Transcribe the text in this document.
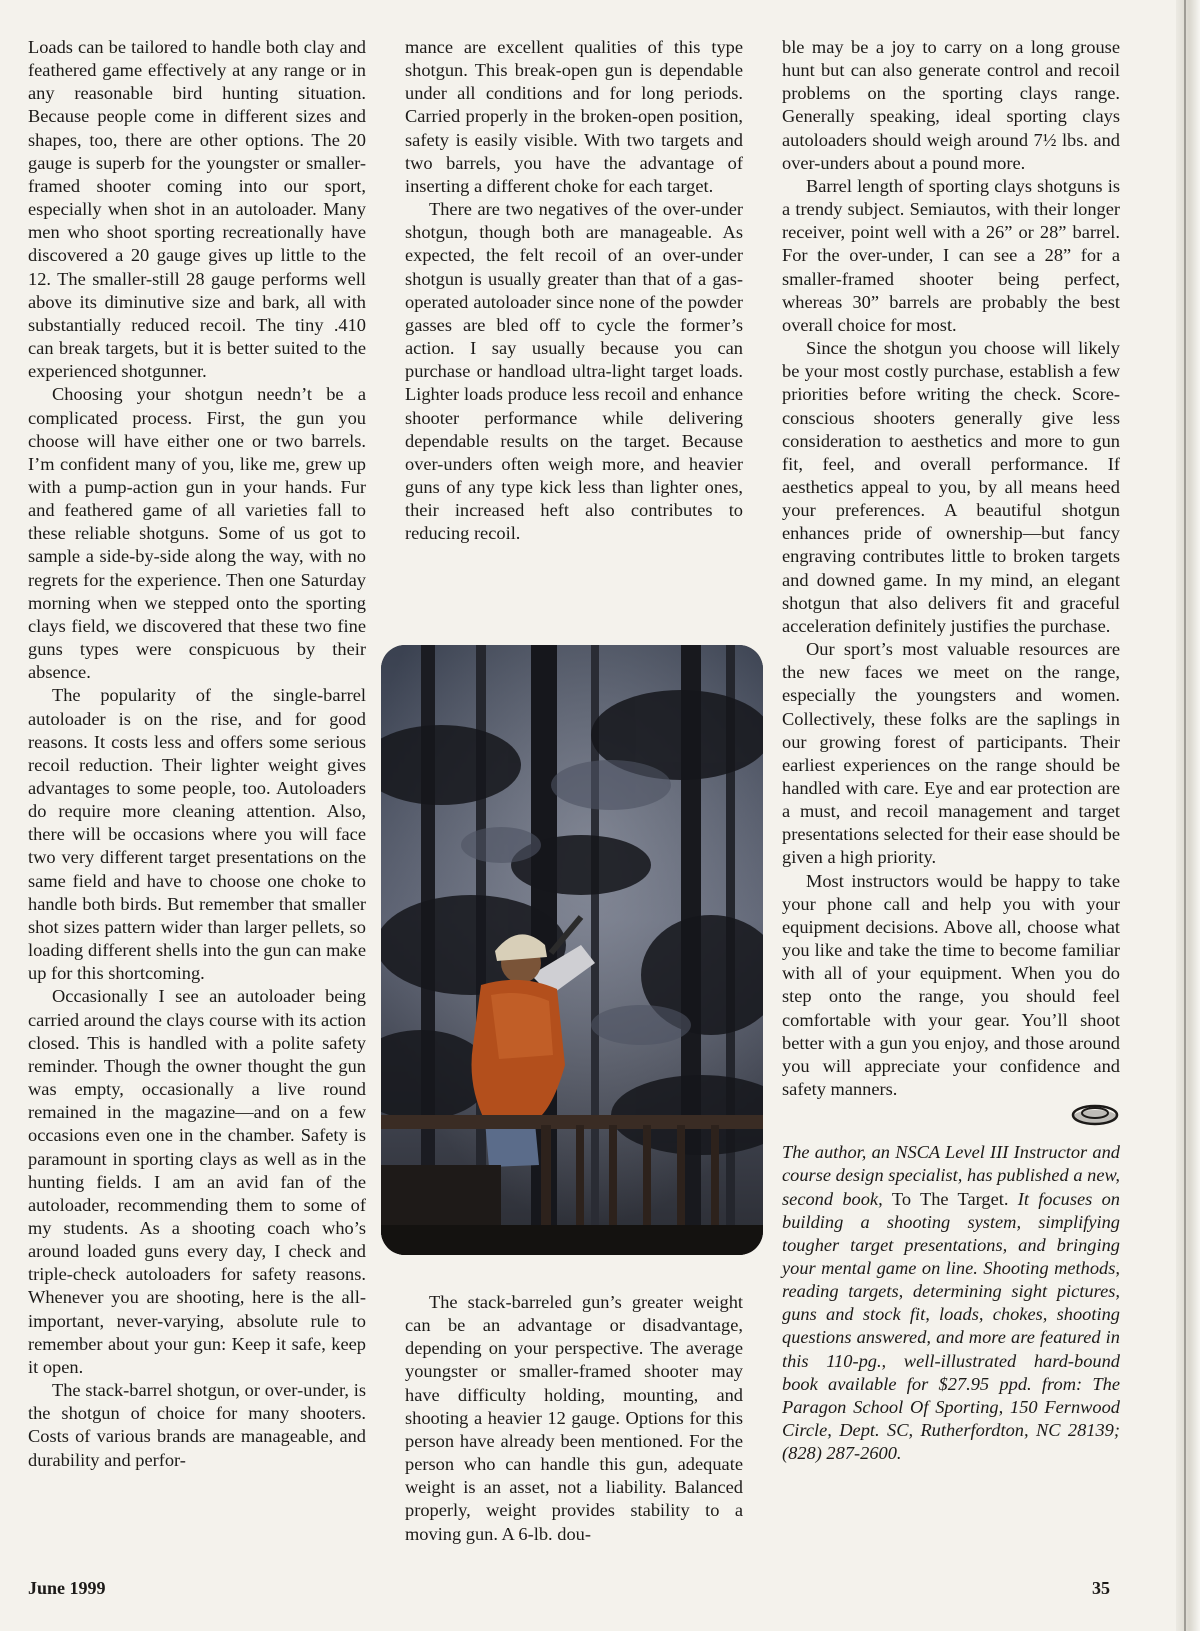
Loads can be tailored to handle both clay and feathered game effectively at any range or in any reasonable bird hunting situation. Because people come in different sizes and shapes, too, there are other options. The 20 gauge is superb for the youngster or smaller-framed shooter coming into our sport, especially when shot in an autoloader. Many men who shoot sporting recreationally have discovered a 20 gauge gives up little to the 12. The smaller-still 28 gauge performs well above its diminutive size and bark, all with substantially reduced recoil. The tiny .410 can break targets, but it is better suited to the experienced shotgunner.

Choosing your shotgun needn’t be a complicated process. First, the gun you choose will have either one or two barrels. I’m confident many of you, like me, grew up with a pump-action gun in your hands. Fur and feathered game of all varieties fall to these reliable shotguns. Some of us got to sample a side-by-side along the way, with no regrets for the experience. Then one Saturday morning when we stepped onto the sporting clays field, we discovered that these two fine guns types were conspicuous by their absence.

The popularity of the single-barrel autoloader is on the rise, and for good reasons. It costs less and offers some serious recoil reduction. Their lighter weight gives advantages to some people, too. Autoloaders do require more cleaning attention. Also, there will be occasions where you will face two very different target presentations on the same field and have to choose one choke to handle both birds. But remember that smaller shot sizes pattern wider than larger pellets, so loading different shells into the gun can make up for this shortcoming.

Occasionally I see an autoloader being carried around the clays course with its action closed. This is handled with a polite safety reminder. Though the owner thought the gun was empty, occasionally a live round remained in the magazine—and on a few occasions even one in the chamber. Safety is paramount in sporting clays as well as in the hunting fields. I am an avid fan of the autoloader, recommending them to some of my students. As a shooting coach who’s around loaded guns every day, I check and triple-check autoloaders for safety reasons. Whenever you are shooting, here is the all-important, never-varying, absolute rule to remember about your gun: Keep it safe, keep it open.

The stack-barrel shotgun, or over-under, is the shotgun of choice for many shooters. Costs of various brands are manageable, and durability and perfor-

mance are excellent qualities of this type shotgun. This break-open gun is dependable under all conditions and for long periods. Carried properly in the broken-open position, safety is easily visible. With two targets and two barrels, you have the advantage of inserting a different choke for each target.

There are two negatives of the over-under shotgun, though both are manageable. As expected, the felt recoil of an over-under shotgun is usually greater than that of a gas-operated autoloader since none of the powder gasses are bled off to cycle the former’s action. I say usually because you can purchase or handload ultra-light target loads. Lighter loads produce less recoil and enhance shooter performance while delivering dependable results on the target. Because over-unders often weigh more, and heavier guns of any type kick less than lighter ones, their increased heft also contributes to reducing recoil.

The stack-barreled gun’s greater weight can be an advantage or disadvantage, depending on your perspective. The average youngster or smaller-framed shooter may have difficulty holding, mounting, and shooting a heavier 12 gauge. Options for this person have already been mentioned. For the person who can handle this gun, adequate weight is an asset, not a liability. Balanced properly, weight provides stability to a moving gun. A 6-lb. dou-

ble may be a joy to carry on a long grouse hunt but can also generate control and recoil problems on the sporting clays range. Generally speaking, ideal sporting clays autoloaders should weigh around 7½ lbs. and over-unders about a pound more.

Barrel length of sporting clays shotguns is a trendy subject. Semiautos, with their longer receiver, point well with a 26” or 28” barrel. For the over-under, I can see a 28” for a smaller-framed shooter being perfect, whereas 30” barrels are probably the best overall choice for most.

Since the shotgun you choose will likely be your most costly purchase, establish a few priorities before writing the check. Score-conscious shooters generally give less consideration to aesthetics and more to gun fit, feel, and overall performance. If aesthetics appeal to you, by all means heed your preferences. A beautiful shotgun enhances pride of ownership—but fancy engraving contributes little to broken targets and downed game. In my mind, an elegant shotgun that also delivers fit and graceful acceleration definitely justifies the purchase.

Our sport’s most valuable resources are the new faces we meet on the range, especially the youngsters and women. Collectively, these folks are the saplings in our growing forest of participants. Their earliest experiences on the range should be handled with care. Eye and ear protection are a must, and recoil management and target presentations selected for their ease should be given a high priority.

Most instructors would be happy to take your phone call and help you with your equipment decisions. Above all, choose what you like and take the time to become familiar with all of your equipment. When you do step onto the range, you should feel comfortable with your gear. You’ll shoot better with a gun you enjoy, and those around you will appreciate your confidence and safety manners.

The author, an NSCA Level III Instructor and course design specialist, has published a new, second book, To The Target. It focuses on building a shooting system, simplifying tougher target presentations, and bringing your mental game on line. Shooting methods, reading targets, determining sight pictures, guns and stock fit, loads, chokes, shooting questions answered, and more are featured in this 110-pg., well-illustrated hard-bound book available for $27.95 ppd. from: The Paragon School Of Sporting, 150 Fernwood Circle, Dept. SC, Rutherfordton, NC 28139; (828) 287-2600.

June 1999	35
